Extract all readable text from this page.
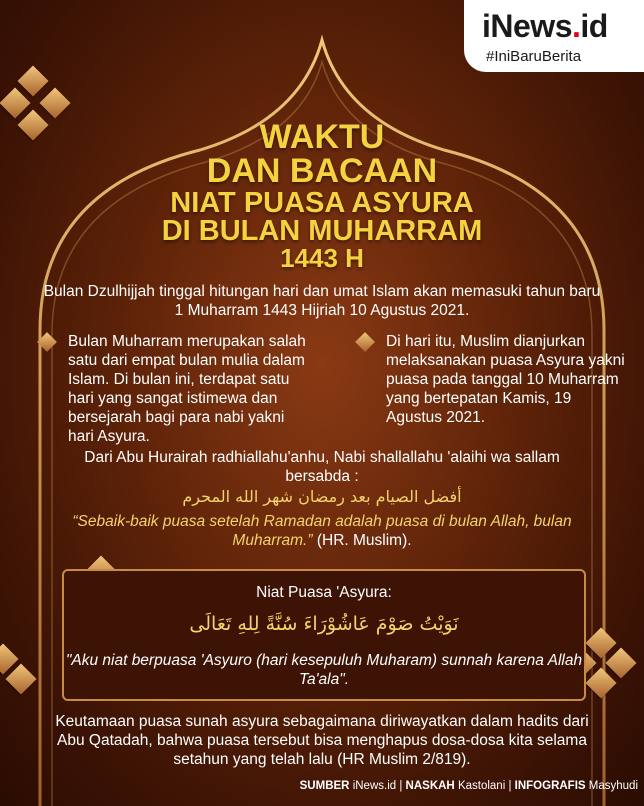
iNews.id
#IniBaruBerita
WAKTU
DAN BACAAN
NIAT PUASA ASYURA
DI BULAN MUHARRAM
1443 H
Bulan Dzulhijjah tinggal hitungan hari dan umat Islam akan memasuki tahun baru 1 Muharram 1443 Hijriah 10 Agustus 2021.
Bulan Muharram merupakan salah satu dari empat bulan mulia dalam Islam. Di bulan ini, terdapat satu hari yang sangat istimewa dan bersejarah bagi para nabi yakni hari Asyura.
Di hari itu, Muslim dianjurkan melaksanakan puasa Asyura yakni puasa pada tanggal 10 Muharram yang bertepatan Kamis, 19 Agustus 2021.
Dari Abu Hurairah radhiallahu'anhu, Nabi shallallahu 'alaihi wa sallam bersabda :
أفضل الصيام بعد رمضان شهر الله المحرم
“Sebaik-baik puasa setelah Ramadan adalah puasa di bulan Allah, bulan Muharram.” (HR. Muslim).
Niat Puasa 'Asyura:
نَوَيْتُ صَوْمَ عَاشُوْرَاءَ سُنَّةً لِلهِ تَعَالَى
"Aku niat berpuasa 'Asyuro (hari kesepuluh Muharam) sunnah karena Allah Ta'ala".
Keutamaan puasa sunah asyura sebagaimana diriwayatkan dalam hadits dari Abu Qatadah, bahwa puasa tersebut bisa menghapus dosa-dosa kita selama setahun yang telah lalu (HR Muslim 2/819).
SUMBER iNews.id | NASKAH Kastolani | INFOGRAFIS Masyhudi
